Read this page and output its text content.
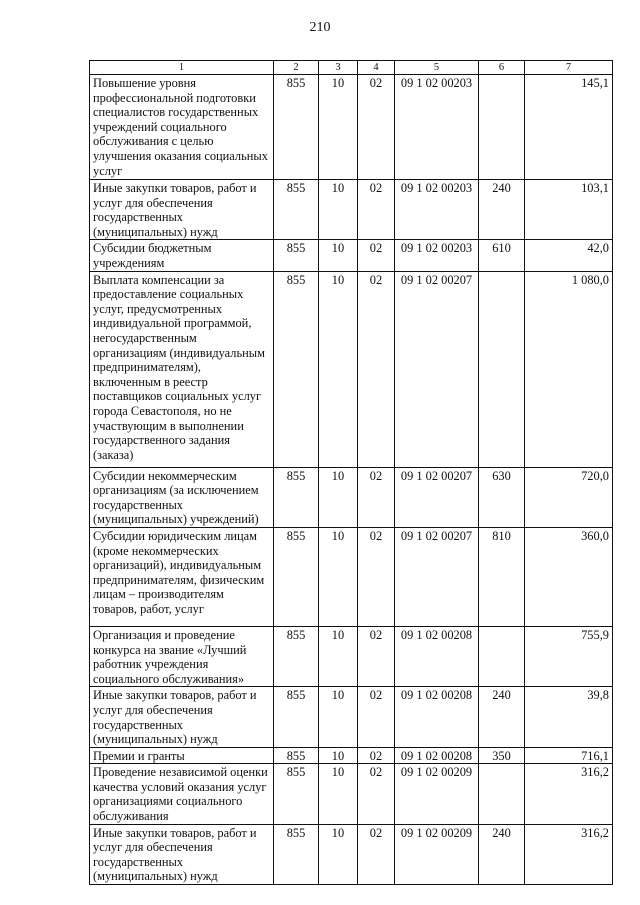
210
1	2	3	4	5	6	7
Повышение уровня профессиональной подготовки специалистов государственных учреждений социального обслуживания с целью улучшения оказания социальных услуг	855	10	02	09 1 02 00203		145,1
Иные закупки товаров, работ и услуг для обеспечения государственных (муниципальных) нужд	855	10	02	09 1 02 00203	240	103,1
Субсидии бюджетным учреждениям	855	10	02	09 1 02 00203	610	42,0
Выплата компенсации за предоставление социальных услуг, предусмотренных индивидуальной программой, негосударственным организациям (индивидуальным предпринимателям), включенным в реестр поставщиков социальных услуг города Севастополя, но не участвующим в выполнении государственного задания (заказа)	855	10	02	09 1 02 00207		1 080,0
Субсидии некоммерческим организациям (за исключением государственных (муниципальных) учреждений)	855	10	02	09 1 02 00207	630	720,0
Субсидии юридическим лицам (кроме некоммерческих организаций), индивидуальным предпринимателям, физическим лицам – производителям товаров, работ, услуг	855	10	02	09 1 02 00207	810	360,0
Организация и проведение конкурса на звание «Лучший работник учреждения социального обслуживания»	855	10	02	09 1 02 00208		755,9
Иные закупки товаров, работ и услуг для обеспечения государственных (муниципальных) нужд	855	10	02	09 1 02 00208	240	39,8
Премии и гранты	855	10	02	09 1 02 00208	350	716,1
Проведение независимой оценки качества условий оказания услуг организациями социального обслуживания	855	10	02	09 1 02 00209		316,2
Иные закупки товаров, работ и услуг для обеспечения государственных (муниципальных) нужд	855	10	02	09 1 02 00209	240	316,2
